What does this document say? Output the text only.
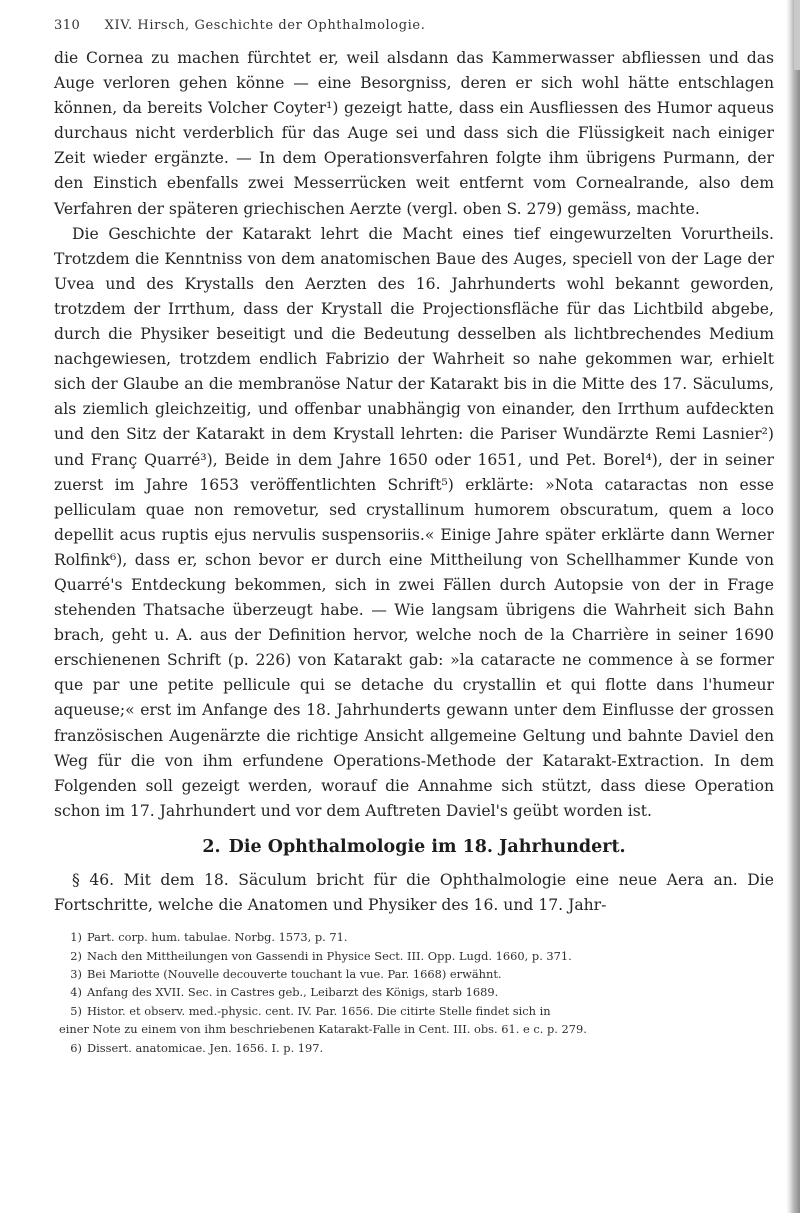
310 XIV. Hirsch, Geschichte der Ophthalmologie.

die Cornea zu machen fürchtet er, weil alsdann das Kammerwasser abfliessen und das Auge verloren gehen könne — eine Besorgniss, deren er sich wohl hätte entschlagen können, da bereits Volcher Coyter¹) gezeigt hatte, dass ein Ausfliessen des Humor aqueus durchaus nicht verderblich für das Auge sei und dass sich die Flüssigkeit nach einiger Zeit wieder ergänzte. — In dem Operationsverfahren folgte ihm übrigens Purmann, der den Einstich ebenfalls zwei Messerrücken weit entfernt vom Cornealrande, also dem Verfahren der späteren griechischen Aerzte (vergl. oben S. 279) gemäss, machte.

Die Geschichte der Katarakt lehrt die Macht eines tief eingewurzelten Vorurtheils. Trotzdem die Kenntniss von dem anatomischen Baue des Auges, speciell von der Lage der Uvea und des Krystalls den Aerzten des 16. Jahrhunderts wohl bekannt geworden, trotzdem der Irrthum, dass der Krystall die Projectionsfläche für das Lichtbild abgebe, durch die Physiker beseitigt und die Bedeutung desselben als lichtbrechendes Medium nachgewiesen, trotzdem endlich Fabrizio der Wahrheit so nahe gekommen war, erhielt sich der Glaube an die membranöse Natur der Katarakt bis in die Mitte des 17. Säculums, als ziemlich gleichzeitig, und offenbar unabhängig von einander, den Irrthum aufdeckten und den Sitz der Katarakt in dem Krystall lehrten: die Pariser Wundärzte Remi Lasnier²) und Franç Quarré³), Beide in dem Jahre 1650 oder 1651, und Pet. Borel⁴), der in seiner zuerst im Jahre 1653 veröffentlichten Schrift⁵) erklärte: »Nota cataractas non esse pelliculam quae non removetur, sed crystallinum humorem obscuratum, quem a loco depellit acus ruptis ejus nervulis suspensoriis.« Einige Jahre später erklärte dann Werner Rolfink⁶), dass er, schon bevor er durch eine Mittheilung von Schellhammer Kunde von Quarré's Entdeckung bekommen, sich in zwei Fällen durch Autopsie von der in Frage stehenden Thatsache überzeugt habe. — Wie langsam übrigens die Wahrheit sich Bahn brach, geht u. A. aus der Definition hervor, welche noch de la Charrière in seiner 1690 erschienenen Schrift (p. 226) von Katarakt gab: »la cataracte ne commence à se former que par une petite pellicule qui se detache du crystallin et qui flotte dans l'humeur aqueuse;« erst im Anfange des 18. Jahrhunderts gewann unter dem Einflusse der grossen französischen Augenärzte die richtige Ansicht allgemeine Geltung und bahnte Daviel den Weg für die von ihm erfundene Operations-Methode der Katarakt-Extraction. In dem Folgenden soll gezeigt werden, worauf die Annahme sich stützt, dass diese Operation schon im 17. Jahrhundert und vor dem Auftreten Daviel's geübt worden ist.

2. Die Ophthalmologie im 18. Jahrhundert.

§ 46. Mit dem 18. Säculum bricht für die Ophthalmologie eine neue Aera an. Die Fortschritte, welche die Anatomen und Physiker des 16. und 17. Jahr-

1) Part. corp. hum. tabulae. Norbg. 1573, p. 71.
2) Nach den Mittheilungen von Gassendi in Physice Sect. III. Opp. Lugd. 1660, p. 371.
3) Bei Mariotte (Nouvelle decouverte touchant la vue. Par. 1668) erwähnt.
4) Anfang des XVII. Sec. in Castres geb., Leibarzt des Königs, starb 1689.
5) Histor. et observ. med.-physic. cent. IV. Par. 1656. Die citirte Stelle findet sich in
einer Note zu einem von ihm beschriebenen Katarakt-Falle in Cent. III. obs. 61. e c. p. 279.
6) Dissert. anatomicae. Jen. 1656. I. p. 197.
